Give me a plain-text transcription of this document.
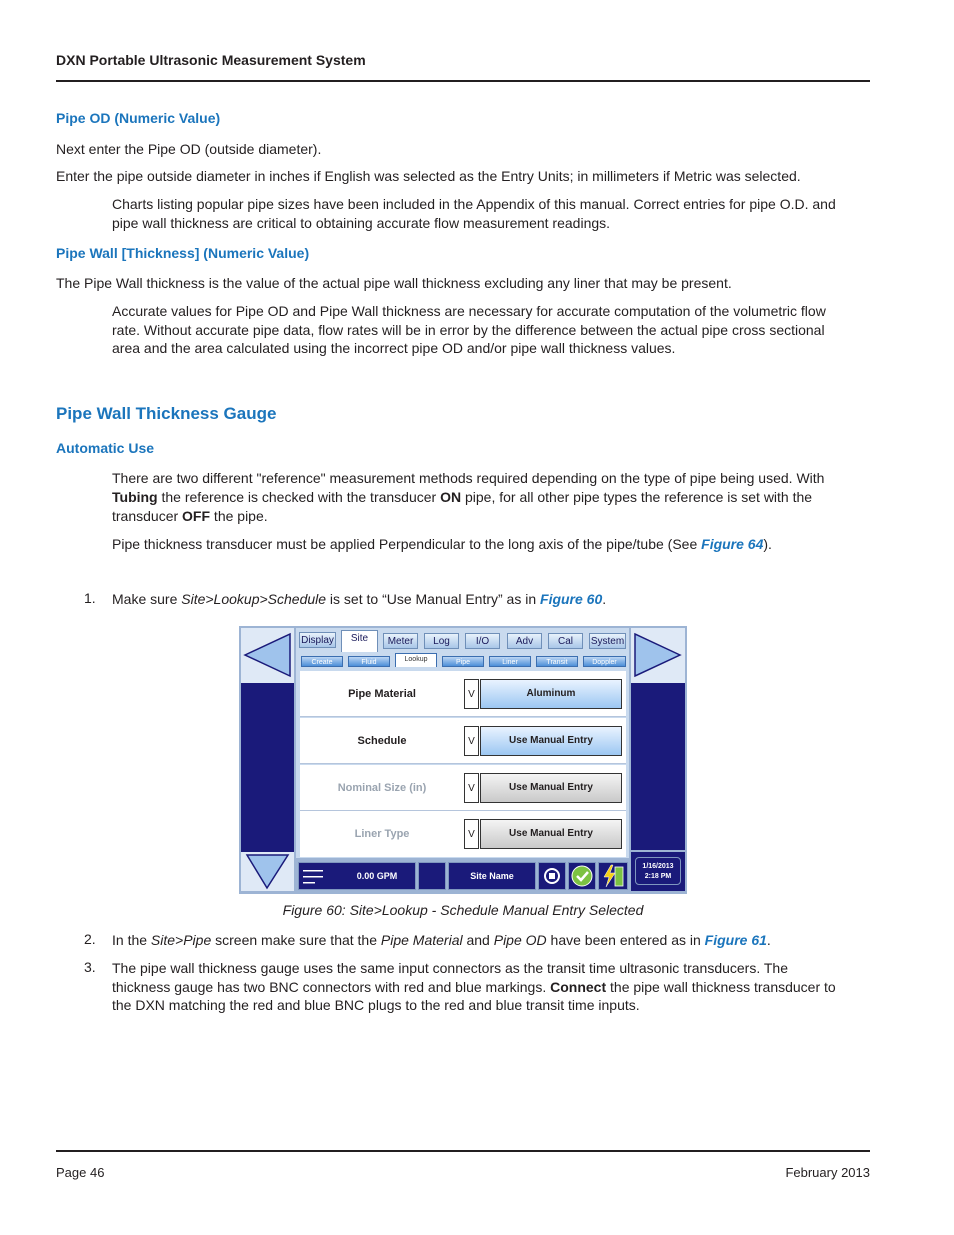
DXN Portable Ultrasonic Measurement System
Pipe OD (Numeric Value)
Next enter the Pipe OD (outside diameter).
Enter the pipe outside diameter in inches if English was selected as the Entry Units; in millimeters if Metric was selected.
Charts listing popular pipe sizes have been included in the Appendix of this manual. Correct entries for pipe O.D. and
pipe wall thickness are critical to obtaining accurate flow measurement readings.
Pipe Wall [Thickness] (Numeric Value)
The Pipe Wall thickness is the value of the actual pipe wall thickness excluding any liner that may be present.
Accurate values for Pipe OD and Pipe Wall thickness are necessary for accurate computation of the volumetric flow
rate. Without accurate pipe data, flow rates will be in error by the difference between the actual pipe cross sectional
area and the area calculated using the incorrect pipe OD and/or pipe wall thickness values.
Pipe Wall Thickness Gauge
Automatic Use
There are two different "reference" measurement methods required depending on the type of pipe being used. With
Tubing the reference is checked with the transducer ON pipe, for all other pipe types the reference is set with the
transducer OFF the pipe.
Pipe thickness transducer must be applied Perpendicular to the long axis of the pipe/tube (See Figure 64).
1. Make sure Site>Lookup>Schedule is set to “Use Manual Entry” as in Figure 60.
Display	Site	Meter	Log	I/O	Adv	Cal	System
Create	Fluid	Lookup	Pipe	Liner	Transit	Doppler
Pipe Material	V	Aluminum
Schedule	V	Use Manual Entry
Nominal Size (in)	V	Use Manual Entry
Liner Type	V	Use Manual Entry
0.00 GPM	Site Name
1/16/2013
2:18 PM
Figure 60: Site>Lookup - Schedule Manual Entry Selected
2. In the Site>Pipe screen make sure that the Pipe Material and Pipe OD have been entered as in Figure 61.
3. The pipe wall thickness gauge uses the same input connectors as the transit time ultrasonic transducers. The
thickness gauge has two BNC connectors with red and blue markings. Connect the pipe wall thickness transducer to
the DXN matching the red and blue BNC plugs to the red and blue transit time inputs.
Page 46	February 2013
